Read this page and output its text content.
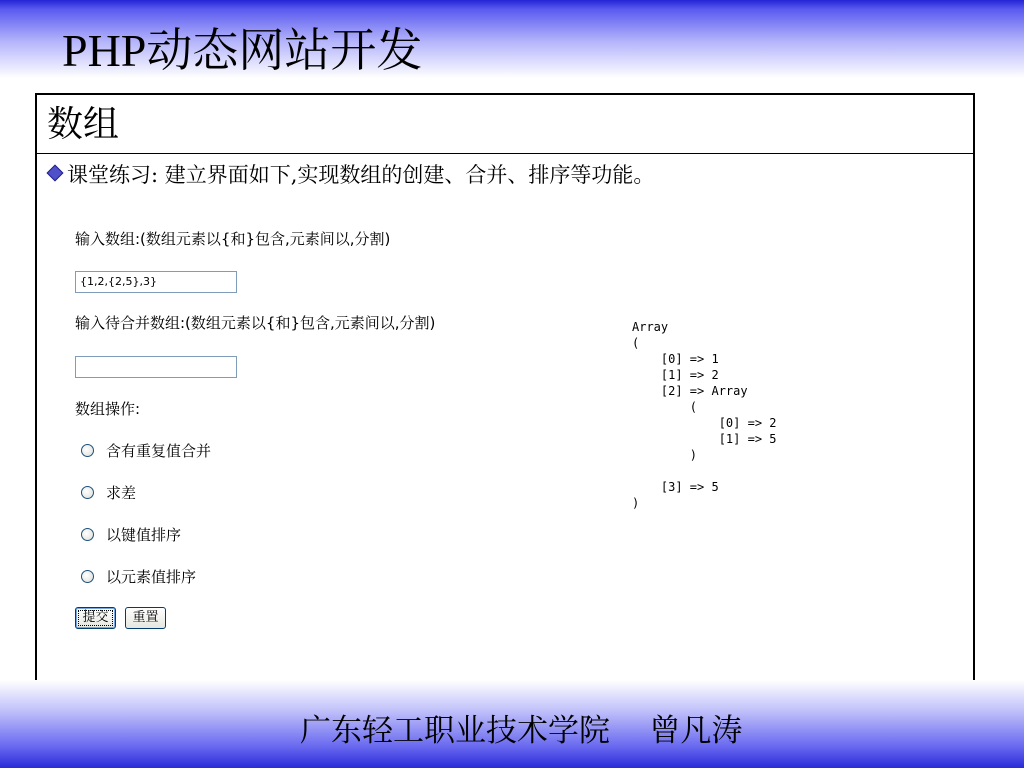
PHP动态网站开发
数组
课堂练习: 建立界面如下,实现数组的创建、合并、排序等功能。
输入数组:(数组元素以{和}包含,元素间以,分割)
{1,2,{2,5},3}
输入待合并数组:(数组元素以{和}包含,元素间以,分割)
数组操作:
含有重复值合并
求差
以键值排序
以元素值排序
提交	重置
Array
(
[0] => 1
[1] => 2
[2] => Array
(
[0] => 2
[1] => 5
)

[3] => 5
)
广东轻工职业技术学院    曾凡涛
